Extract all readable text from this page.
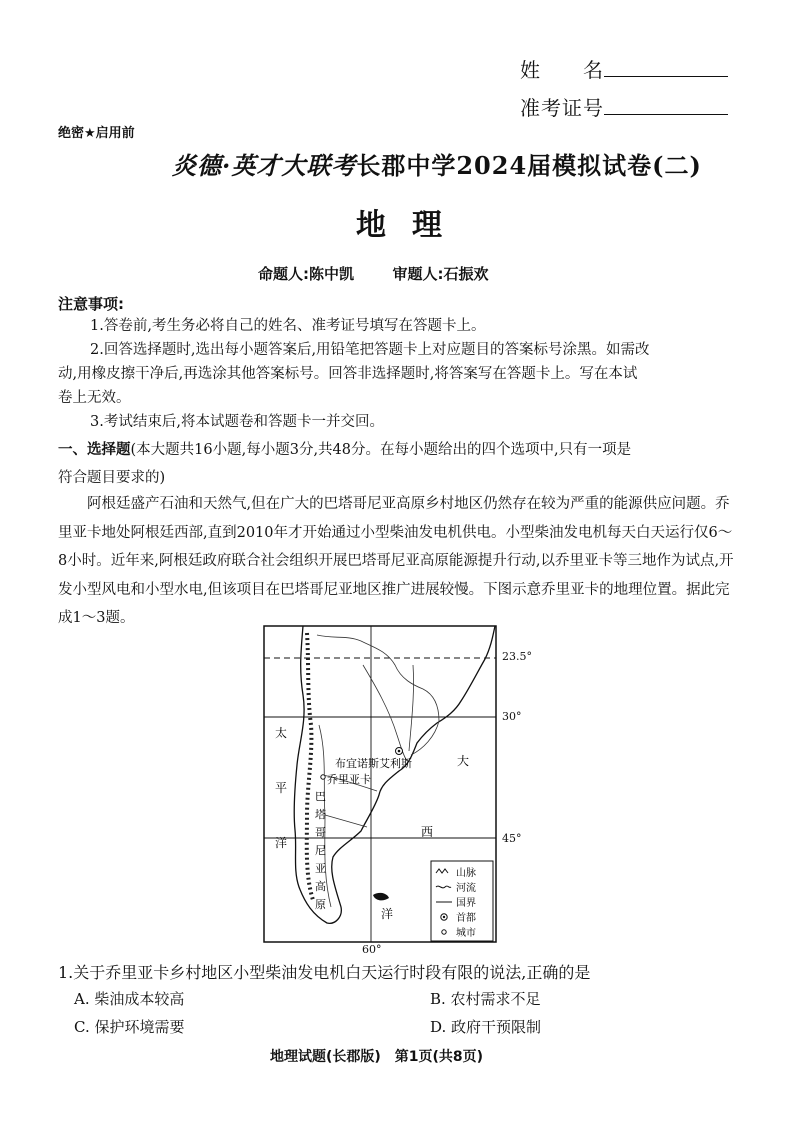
姓　　名
准考证号
绝密★启用前
炎德·英才大联考长郡中学2024届模拟试卷(二)
地理
命题人:陈中凯	审题人:石振欢
注意事项:
1.答卷前,考生务必将自己的姓名、准考证号填写在答题卡上。
2.回答选择题时,选出每小题答案后,用铅笔把答题卡上对应题目的答案标号涂黑。如需改
动,用橡皮擦干净后,再选涂其他答案标号。回答非选择题时,将答案写在答题卡上。写在本试
卷上无效。
3.考试结束后,将本试题卷和答题卡一并交回。
一、选择题(本大题共16小题,每小题3分,共48分。在每小题给出的四个选项中,只有一项是
符合题目要求的)
阿根廷盛产石油和天然气,但在广大的巴塔哥尼亚高原乡村地区仍然存在较为严重的能源供应问题。乔里亚卡地处阿根廷西部,直到2010年才开始通过小型柴油发电机供电。小型柴油发电机每天白天运行仅6～8小时。近年来,阿根廷政府联合社会组织开展巴塔哥尼亚高原能源提升行动,以乔里亚卡等三地作为试点,开发小型风电和小型水电,但该项目在巴塔哥尼亚地区推广进展较慢。下图示意乔里亚卡的地理位置。据此完成1～3题。
布宜诺斯艾利斯
乔里亚卡
巴
塔
哥
尼
亚
高
原
太
平
洋
大
西
洋
山脉
河流
国界
首都
城市
23.5°
30°
45°
60°
1.关于乔里亚卡乡村地区小型柴油发电机白天运行时段有限的说法,正确的是
A. 柴油成本较高	B. 农村需求不足
C. 保护环境需要	D. 政府干预限制
地理试题(长郡版)　第1页(共8页)
